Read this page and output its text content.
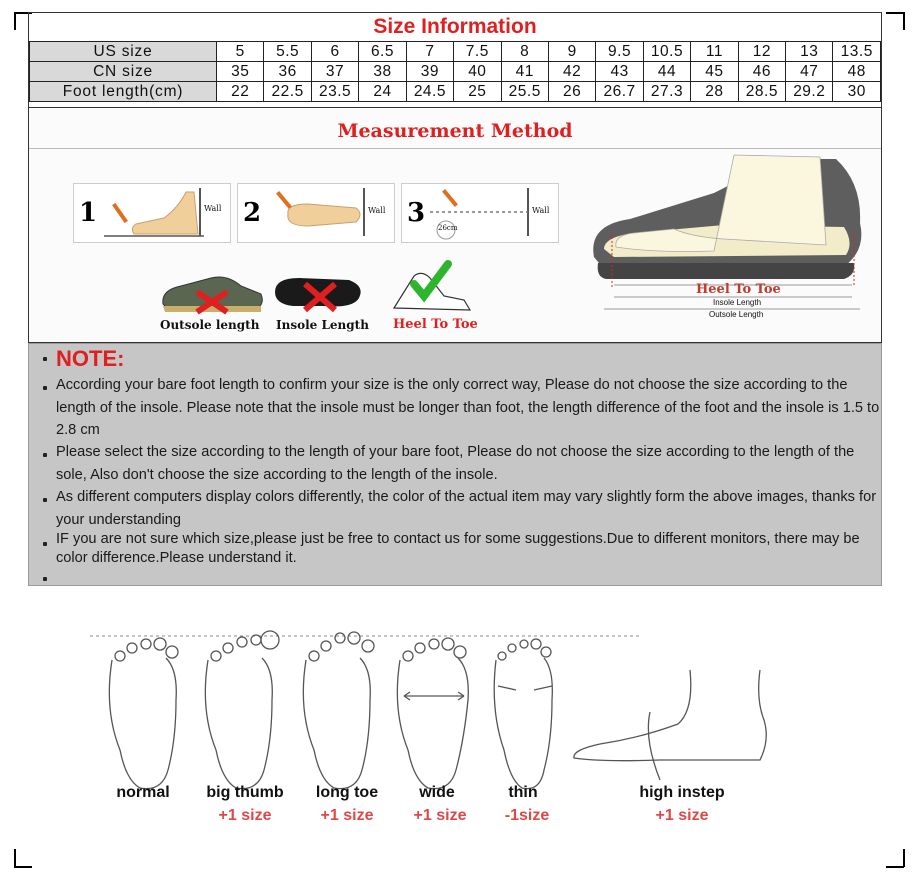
Size Information
US size	5	5.5	6	6.5	7	7.5	8	9	9.5	10.5	11	12	13	13.5
CN size	35	36	37	38	39	40	41	42	43	44	45	46	47	48
Foot length(cm)	22	22.5	23.5	24	24.5	25	25.5	26	26.7	27.3	28	28.5	29.2	30
Measurement Method
1	Wall 2	Wall 3 26cm
Wall
Outsole length Insole Length Heel To Toe
Heel To Toe
Insole Length
Outsole Length
NOTE:
According your bare foot length to confirm your size is the only correct way, Please do not choose the size according to the length of the insole. Please note that the insole must be longer than foot, the length difference of the foot and the insole is 1.5 to 2.8 cm
Please select the size according to the length of your bare foot, Please do not choose the size according to the length of the sole, Also don't choose the size according to the length of the insole.
As different computers display colors differently, the color of the actual item may vary slightly form the above images, thanks for your understanding
IF you are not sure which size,please just be free to contact us for some suggestions.Due to different monitors, there may be color difference.Please understand it.
normal	big thumb
+1 size
long toe
+1 size
wide
+1 size
thin
-1size
high instep
+1 size
